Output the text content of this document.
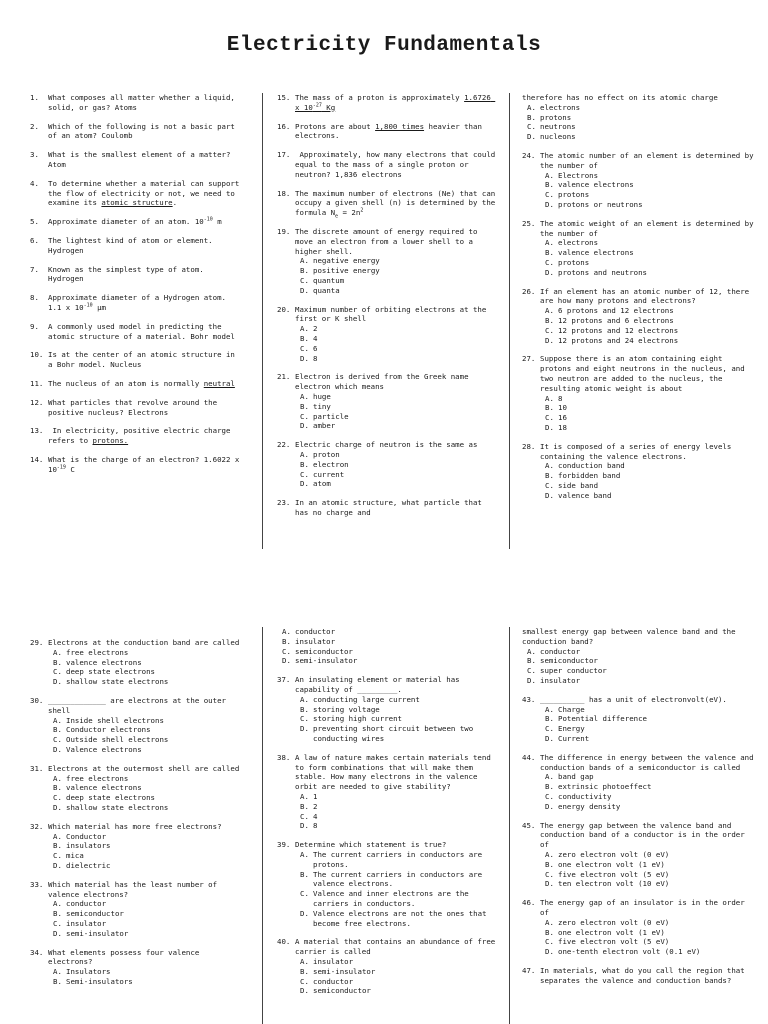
Electricity Fundamentals
1.	What composes all matter whether a liquid, solid, or gas? Atoms
2.	Which of the following is not a basic part of an atom? Coulomb
3.	What is the smallest element of a matter? Atom
4.	To determine whether a material can support the flow of electricity or not, we need to examine its atomic structure.
5.	Approximate diameter of an atom. $10^{-10}$ m
6.	The lightest kind of atom or element. Hydrogen
7.	Known as the simplest type of atom. Hydrogen
8.	Approximate diameter of a Hydrogen atom. 1.1 x $10^{-10}$ μm
9.	A commonly used model in predicting the atomic structure of a material. Bohr model
10. Is at the center of an atomic structure in a Bohr model. Nucleus
11. The nucleus of an atom is normally neutral
12. What particles that revolve around the positive nucleus? Electrons
13. In electricity, positive electric charge refers to protons.
14. What is the charge of an electron? 1.6022 x $10^{-19}$ C
15. The mass of a proton is approximately 1.6726 x $10^{-27}$ Kg
16. Protons are about 1,800 times heavier than electrons.
17. Approximately, how many electrons that could equal to the mass of a single proton or neutron? 1,836 electrons
18. The maximum number of electrons (Ne) that can occupy a given shell (n) is determined by the formula $N_e = 2n^2$
19. The discrete amount of energy required to move an electron from a lower shell to a higher shell.
A. negative energy
B. positive energy
C. quantum
D. quanta
20. Maximum number of orbiting electrons at the first or K shell
A. 2
B. 4
C. 6
D. 8
21. Electron is derived from the Greek name electron which means
A. huge
B. tiny
C. particle
D. amber
22. Electric charge of neutron is the same as
A. proton
B. electron
C. current
D. atom
23. In an atomic structure, what particle that has no charge and
therefore has no effect on its atomic charge
A. electrons
B. protons
C. neutrons
D. nucleons
24. The atomic number of an element is determined by the number of
A. Electrons
B. valence electrons
C. protons
D. protons or neutrons
25. The atomic weight of an element is determined by the number of
A. electrons
B. valence electrons
C. protons
D. protons and neutrons
26. If an element has an atomic number of 12, there are how many protons and electrons?
A. 6 protons and 12 electrons
B. 12 protons and 6 electrons
C. 12 protons and 12 electrons
D. 12 protons and 24 electrons
27. Suppose there is an atom containing eight protons and eight neutrons in the nucleus, and two neutron are added to the nucleus, the resulting atomic weight is about
A. 8
B. 10
C. 16
D. 18
28. It is composed of a series of energy levels containing the valence electrons.
A. conduction band
B. forbidden band
C. side band
D. valence band
29. Electrons at the conduction band are called
A. free electrons
B. valence electrons
C. deep state electrons
D. shallow state electrons
30. _____________ are electrons at the outer shell
A. Inside shell electrons
B. Conductor electrons
C. Outside shell electrons
D. Valence electrons
31. Electrons at the outermost shell are called
A. free electrons
B. valence electrons
C. deep state electrons
D. shallow state electrons
32. Which material has more free electrons?
A. Conductor
B. insulators
C. mica
D. dielectric
33. Which material has the least number of valence electrons?
A. conductor
B. semiconductor
C. insulator
D. semi-insulator
34. What elements possess four valence electrons?
A. Insulators
B. Semi-insulators
A. conductor
B. insulator
C. semiconductor
D. semi-insulator
37. An insulating element or material has capability of _________.
A. conducting large current
B. storing voltage
C. storing high current
D. preventing short circuit between two conducting wires
38. A law of nature makes certain materials tend to form combinations that will make them stable. How many electrons in the valence orbit are needed to give stability?
A. 1
B. 2
C. 4
D. 8
39. Determine which statement is true?
A. The current carriers in conductors are protons.
B. The current carriers in conductors are valence electrons.
C. Valence and inner electrons are the carriers in conductors.
D. Valence electrons are not the ones that become free electrons.
40. A material that contains an abundance of free carrier is called
A. insulator
B. semi-insulator
C. conductor
D. semiconductor
smallest energy gap between valence band and the conduction band?
A. conductor
B. semiconductor
C. super conductor
D. insulator
43. __________ has a unit of electronvolt(eV).
A. Charge
B. Potential difference
C. Energy
D. Current
44. The difference in energy between the valence and conduction bands of a semiconductor is called
A. band gap
B. extrinsic photoeffect
C. conductivity
D. energy density
45. The energy gap between the valence band and conduction band of a conductor is in the order of
A. zero electron volt (0 eV)
B. one electron volt (1 eV)
C. five electron volt (5 eV)
D. ten electron volt (10 eV)
46. The energy gap of an insulator is in the order of
A. zero electron volt (0 eV)
B. one electron volt (1 eV)
C. five electron volt (5 eV)
D. one-tenth electron volt (0.1 eV)
47. In materials, what do you call the region that separates the valence and conduction bands?
